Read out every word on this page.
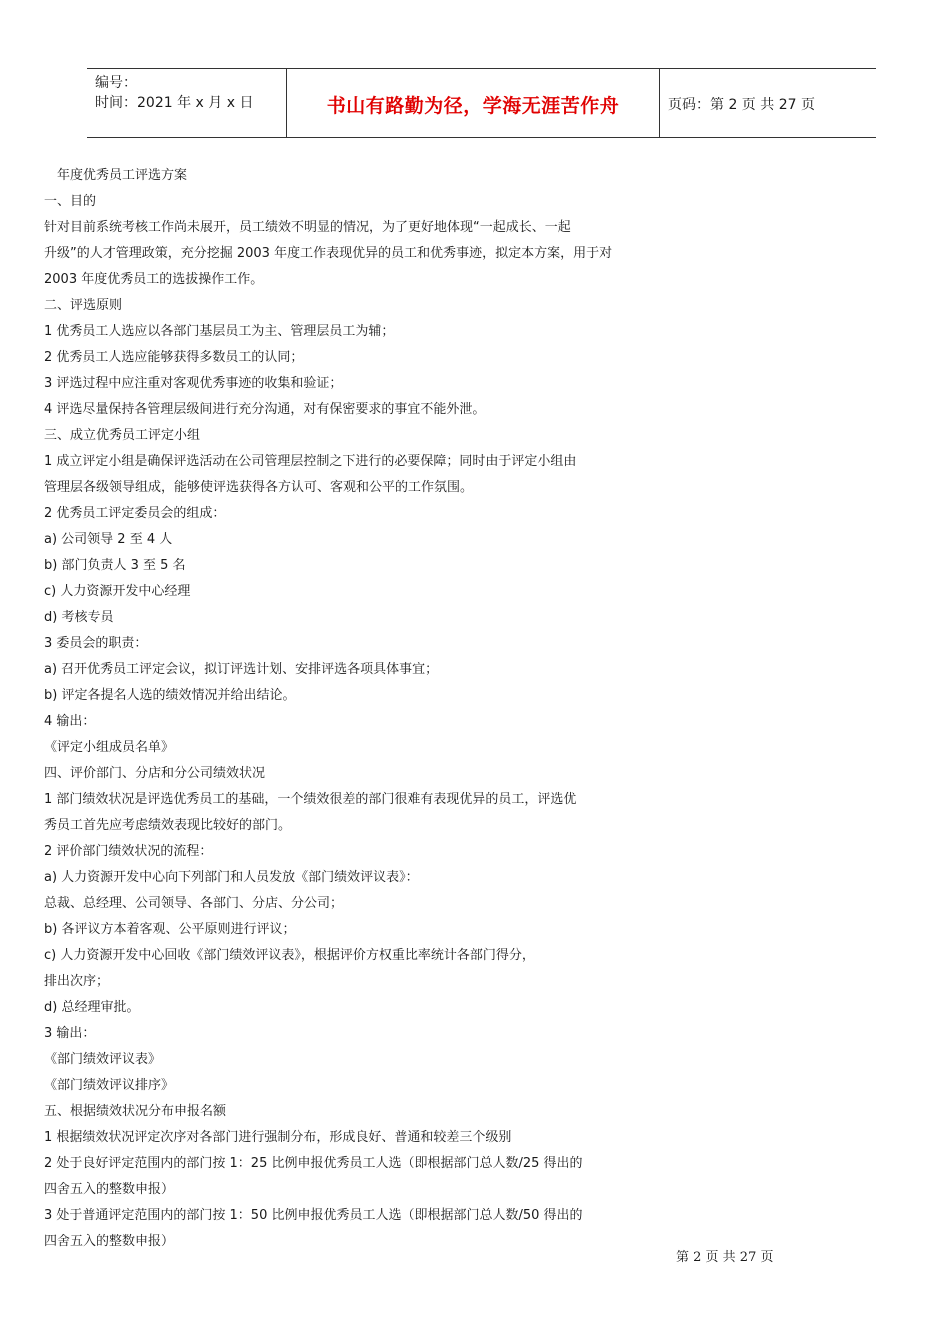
编号：
时间：2021 年 x 月 x 日	书山有路勤为径，学海无涯苦作舟	页码：第 2 页 共 27 页
年度优秀员工评选方案
一、目的
针对目前系统考核工作尚未展开，员工绩效不明显的情况，为了更好地体现“一起成长、一起
升级”的人才管理政策，充分挖掘 2003 年度工作表现优异的员工和优秀事迹，拟定本方案，用于对
2003 年度优秀员工的选拔操作工作。
二、评选原则
1 优秀员工人选应以各部门基层员工为主、管理层员工为辅；
2 优秀员工人选应能够获得多数员工的认同；
3 评选过程中应注重对客观优秀事迹的收集和验证；
4 评选尽量保持各管理层级间进行充分沟通，对有保密要求的事宜不能外泄。
三、成立优秀员工评定小组
1 成立评定小组是确保评选活动在公司管理层控制之下进行的必要保障；同时由于评定小组由
管理层各级领导组成，能够使评选获得各方认可、客观和公平的工作氛围。
2 优秀员工评定委员会的组成：
a) 公司领导 2 至 4 人
b) 部门负责人 3 至 5 名
c) 人力资源开发中心经理
d) 考核专员
3 委员会的职责：
a) 召开优秀员工评定会议，拟订评选计划、安排评选各项具体事宜；
b) 评定各提名人选的绩效情况并给出结论。
4 输出：
《评定小组成员名单》
四、评价部门、分店和分公司绩效状况
1 部门绩效状况是评选优秀员工的基础，一个绩效很差的部门很难有表现优异的员工，评选优
秀员工首先应考虑绩效表现比较好的部门。
2 评价部门绩效状况的流程：
a) 人力资源开发中心向下列部门和人员发放《部门绩效评议表》：
总裁、总经理、公司领导、各部门、分店、分公司；
b) 各评议方本着客观、公平原则进行评议；
c) 人力资源开发中心回收《部门绩效评议表》，根据评价方权重比率统计各部门得分，
排出次序；
d) 总经理审批。
3 输出：
《部门绩效评议表》
《部门绩效评议排序》
五、根据绩效状况分布申报名额
1 根据绩效状况评定次序对各部门进行强制分布，形成良好、普通和较差三个级别
2 处于良好评定范围内的部门按 1：25 比例申报优秀员工人选（即根据部门总人数/25 得出的
四舍五入的整数申报）
3 处于普通评定范围内的部门按 1：50 比例申报优秀员工人选（即根据部门总人数/50 得出的
四舍五入的整数申报）
第 2 页 共 27 页
